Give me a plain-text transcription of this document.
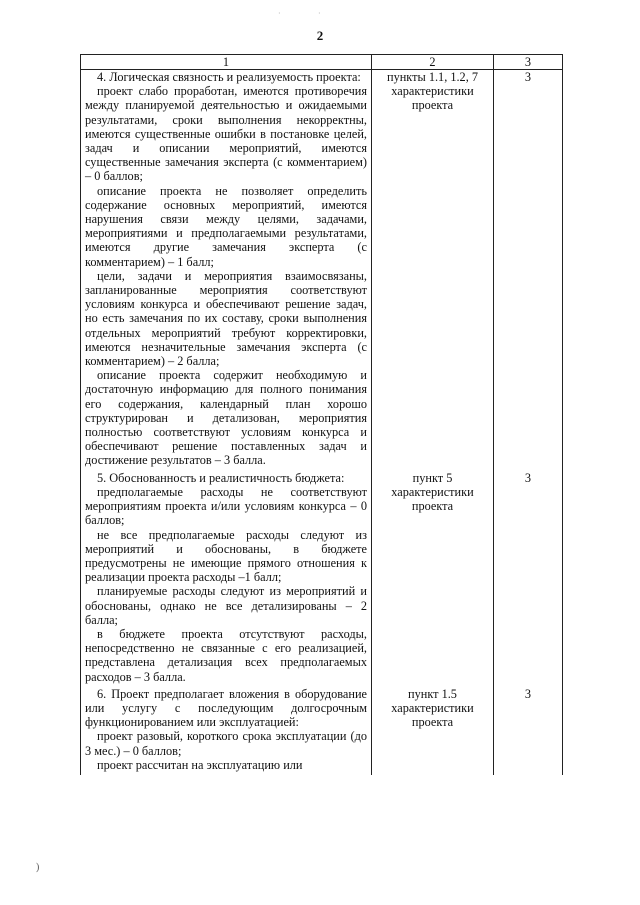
2
·	·
1	2	3

4. Логическая связность и реализуемость проекта:
проект слабо проработан, имеются противоречия между планируемой деятельностью и ожидаемыми результатами, сроки выполнения некорректны, имеются существенные ошибки в постановке целей, задач и описании мероприятий, имеются существенные замечания эксперта (с комментарием) – 0 баллов;
описание проекта не позволяет определить содержание основных мероприятий, имеются нарушения связи между целями, задачами, мероприятиями и предполагаемыми результатами, имеются другие замечания эксперта (с комментарием) – 1 балл;
цели, задачи и мероприятия взаимосвязаны, запланированные мероприятия соответствуют условиям конкурса и обеспечивают решение задач, но есть замечания по их составу, сроки выполнения отдельных мероприятий требуют корректировки, имеются незначительные замечания эксперта (с комментарием) – 2 балла;
описание проекта содержит необходимую и достаточную информацию для полного понимания его содержания, календарный план хорошо структурирован и детализован, мероприятия полностью соответствуют условиям конкурса и обеспечивают решение поставленных задач и достижение результатов – 3 балла.	пункты 1.1, 1.2, 7 характеристики проекта	3

5. Обоснованность и реалистичность бюджета:
предполагаемые расходы не соответствуют мероприятиям проекта и/или условиям конкурса – 0 баллов;
не все предполагаемые расходы следуют из мероприятий и обоснованы, в бюджете предусмотрены не имеющие прямого отношения к реализации проекта расходы –1 балл;
планируемые расходы следуют из мероприятий и обоснованы, однако не все детализированы – 2 балла;
в бюджете проекта отсутствуют расходы, непосредственно не связанные с его реализацией, представлена детализация всех предполагаемых расходов – 3 балла.	пункт 5 характеристики проекта	3

6. Проект предполагает вложения в оборудование или услугу с последующим долгосрочным функционированием или эксплуатацией:
проект разовый, короткого срока эксплуатации (до 3 мес.) – 0 баллов;
проект рассчитан на эксплуатацию или	пункт 1.5 характеристики проекта	3
)
